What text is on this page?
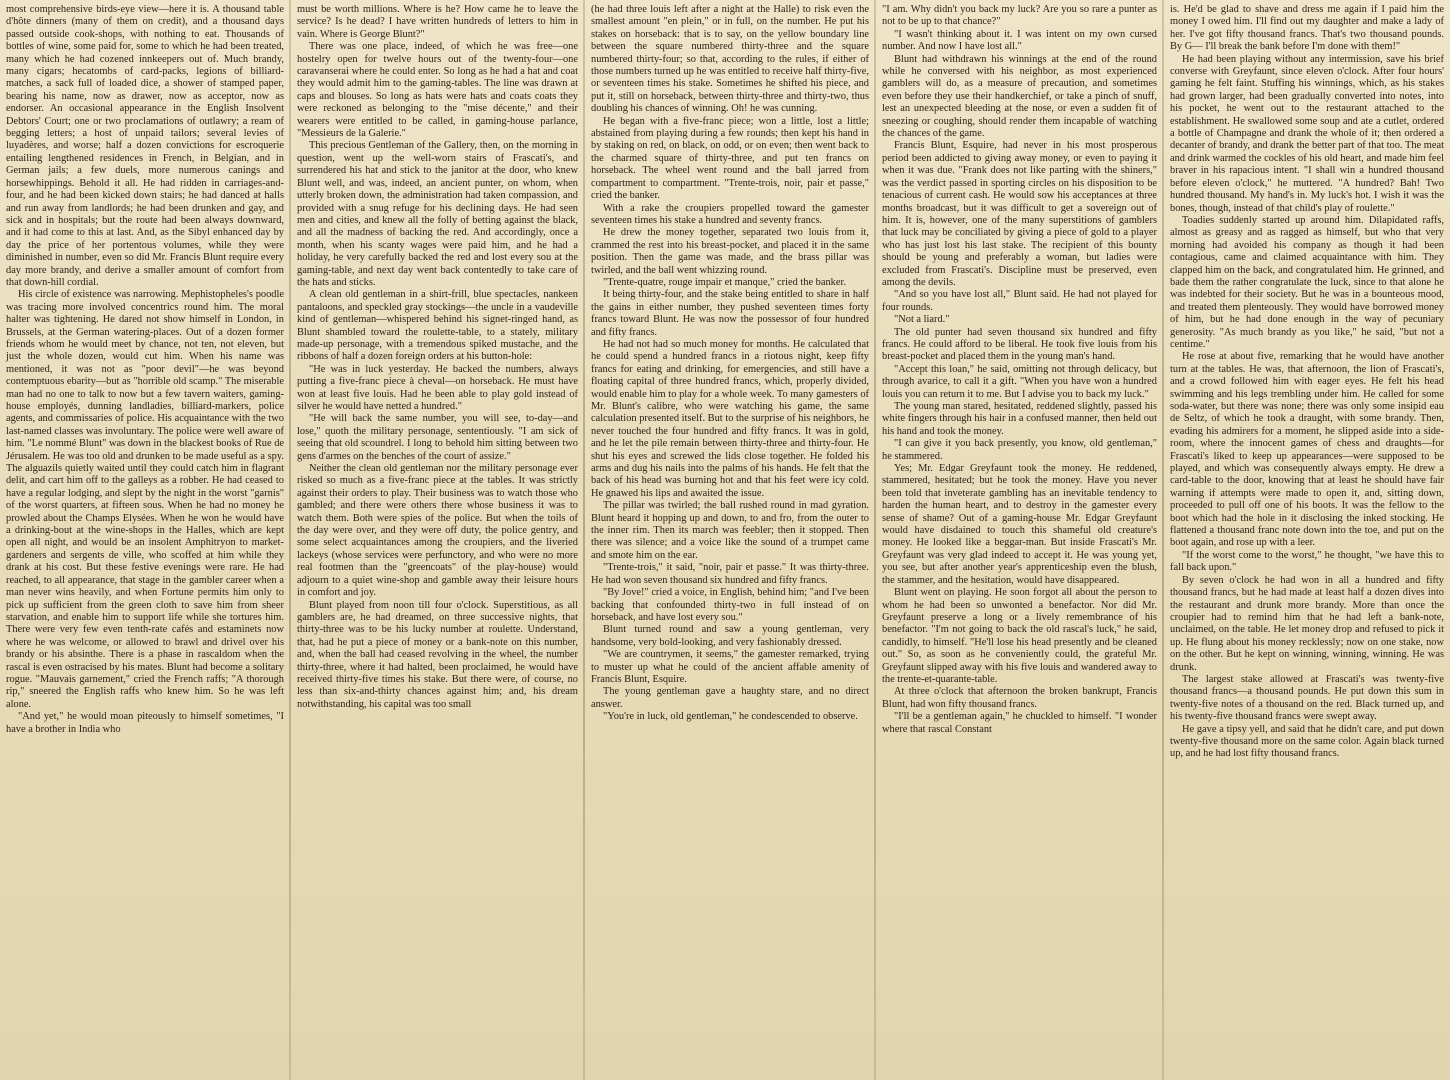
most comprehensive birds-eye view—here it is. A thousand table d'hôte dinners (many of them on credit), and a thousand days passed outside cook-shops, with nothing to eat. Thousands of bottles of wine, some paid for, some to which he had been treated, many which he had cozened innkeepers out of. Much brandy, many cigars; hecatombs of card-packs, legions of billiard-matches, a sack full of loaded dice, a shower of stamped paper, bearing his name, now as drawer, now as acceptor, now as endorser. An occasional appearance in the English Insolvent Debtors' Court; one or two proclamations of outlawry; a ream of begging letters; a host of unpaid tailors; several levies of luyadères, and worse; half a dozen convictions for escroquerie entailing lengthened residences in French, in Belgian, and in German jails; a few duels, more numerous canings and horsewhippings. Behold it all. He had ridden in carriages-and-four, and he had been kicked down stairs; he had danced at halls and run away from landlords; he had been drunken and gay, and sick and in hospitals; but the route had been always downward, and it had come to this at last. And, as the Sibyl enhanced day by day the price of her portentous volumes, while they were diminished in number, even so did Mr. Francis Blunt require every day more brandy, and derive a smaller amount of comfort from that down-hill cordial.

His circle of existence was narrowing. Mephistopheles's poodle was tracing more involved concentrics round him. The moral halter was tightening. He dared not show himself in London, in Brussels, at the German watering-places. Out of a dozen former friends whom he would meet by chance, not ten, not eleven, but just the whole dozen, would cut him. When his name was mentioned, it was not as "poor devil"—he was beyond contemptuous ebarity—but as "horrible old scamp." The miserable man had no one to talk to now but a few tavern waiters, gaming-house employés, dunning landladies, billiard-markers, police agents, and commissaries of police. His acquaintance with the two last-named classes was involuntary. The police were well aware of him. "Le nommé Blunt" was down in the blackest books of Rue de Jérusalem. He was too old and drunken to be made useful as a spy. The alguazils quietly waited until they could catch him in flagrant delit, and cart him off to the galleys as a robber. He had ceased to have a regular lodging, and slept by the night in the worst "garnis" of the worst quarters, at fifteen sous. When he had no money he prowled about the Champs Elysées. When he won he would have a drinking-bout at the wine-shops in the Halles, which are kept open all night, and would be an insolent Amphitryon to market-gardeners and sergents de ville, who scoffed at him while they drank at his cost. But these festive evenings were rare. He had reached, to all appearance, that stage in the gambler career when a man never wins heavily, and when Fortune permits him only to pick up sufficient from the green cloth to save him from sheer starvation, and enable him to support life while she tortures him. There were very few even tenth-rate cafés and estaminets now where he was welcome, or allowed to brawl and drivel over his brandy or his absinthe. There is a phase in rascaldom when the rascal is even ostracised by his mates. Blunt had become a solitary rogue. "Mauvais garnement," cried the French raffs; "A thorough rip," sneered the English raffs who knew him. So he was left alone.

"And yet," he would moan piteously to himself sometimes, "I have a brother in India who

must be worth millions. Where is he? How came he to leave the service? Is he dead? I have written hundreds of letters to him in vain. Where is George Blunt?"

There was one place, indeed, of which he was free—one hostelry open for twelve hours out of the twenty-four—one caravanserai where he could enter. So long as he had a hat and coat they would admit him to the gaming-tables. The line was drawn at caps and blouses. So long as hats were hats and coats coats they were reckoned as belonging to the "mise décente," and their wearers were entitled to be called, in gaming-house parlance, "Messieurs de la Galerie."

This precious Gentleman of the Gallery, then, on the morning in question, went up the well-worn stairs of Frascati's, and surrendered his hat and stick to the janitor at the door, who knew Blunt well, and was, indeed, an ancient punter, on whom, when utterly broken down, the administration had taken compassion, and provided with a snug refuge for his declining days. He had seen men and cities, and knew all the folly of betting against the black, and all the madness of backing the red. And accordingly, once a month, when his scanty wages were paid him, and he had a holiday, he very carefully backed the red and lost every sou at the gaming-table, and next day went back contentedly to take care of the hats and sticks.

A clean old gentleman in a shirt-frill, blue spectacles, nankeen pantaloons, and speckled gray stockings—the uncle in a vaudeville kind of gentleman—whispered behind his signet-ringed hand, as Blunt shambled toward the roulette-table, to a stately, military made-up personage, with a tremendous spiked mustache, and the ribbons of half a dozen foreign orders at his button-hole:

"He was in luck yesterday. He backed the numbers, always putting a five-franc piece à cheval—on horseback. He must have won at least five louis. Had he been able to play gold instead of silver he would have netted a hundred."

"He will back the same number, you will see, to-day—and lose," quoth the military personage, sententiously. "I am sick of seeing that old scoundrel. I long to behold him sitting between two gens d'armes on the benches of the court of assize."

Neither the clean old gentleman nor the military personage ever risked so much as a five-franc piece at the tables. It was strictly against their orders to play. Their business was to watch those who gambled; and there were others there whose business it was to watch them. Both were spies of the police. But when the toils of the day were over, and they were off duty, the police gentry, and some select acquaintances among the croupiers, and the liveried lackeys (whose services were perfunctory, and who were no more real footmen than the "greencoats" of the play-house) would adjourn to a quiet wine-shop and gamble away their leisure hours in comfort and joy.

Blunt played from noon till four o'clock. Superstitious, as all gamblers are, he had dreamed, on three successive nights, that thirty-three was to be his lucky number at roulette. Understand, that, had he put a piece of money or a bank-note on this number, and, when the ball had ceased revolving in the wheel, the number thirty-three, where it had halted, been proclaimed, he would have received thirty-five times his stake. But there were, of course, no less than six-and-thirty chances against him; and, his dream notwithstanding, his capital was too small

(he had three louis left after a night at the Halle) to risk even the smallest amount "en plein," or in full, on the number. He put his stakes on horseback: that is to say, on the yellow boundary line between the square numbered thirty-three and the square numbered thirty-four; so that, according to the rules, if either of those numbers turned up he was entitled to receive half thirty-five, or seventeen times his stake. Sometimes he shifted his piece, and put it, still on horseback, between thirty-three and thirty-two, thus doubling his chances of winning. Oh! he was cunning.

He began with a five-franc piece; won a little, lost a little; abstained from playing during a few rounds; then kept his hand in by staking on red, on black, on odd, or on even; then went back to the charmed square of thirty-three, and put ten francs on horseback. The wheel went round and the ball jarred from compartment to compartment. "Trente-trois, noir, pair et passe," cried the banker.

With a rake the croupiers propelled toward the gamester seventeen times his stake a hundred and seventy francs.

He drew the money together, separated two louis from it, crammed the rest into his breast-pocket, and placed it in the same position. Then the game was made, and the brass pillar was twirled, and the ball went whizzing round.

"Trente-quatre, rouge impair et manque," cried the banker.

It being thirty-four, and the stake being entitled to share in half the gains in either number, they pushed seventeen times forty francs toward Blunt. He was now the possessor of four hundred and fifty francs.

He had not had so much money for months. He calculated that he could spend a hundred francs in a riotous night, keep fifty francs for eating and drinking, for emergencies, and still have a floating capital of three hundred francs, which, properly divided, would enable him to play for a whole week. To many gamesters of Mr. Blunt's calibre, who were watching his game, the same calculation presented itself. But to the surprise of his neighbors, he never touched the four hundred and fifty francs. It was in gold, and he let the pile remain between thirty-three and thirty-four. He shut his eyes and screwed the lids close together. He folded his arms and dug his nails into the palms of his hands. He felt that the back of his head was burning hot and that his feet were icy cold. He gnawed his lips and awaited the issue.

The pillar was twirled; the ball rushed round in mad gyration. Blunt heard it hopping up and down, to and fro, from the outer to the inner rim. Then its march was feebler; then it stopped. Then there was silence; and a voice like the sound of a trumpet came and smote him on the ear.

"Trente-trois," it said, "noir, pair et passe." It was thirty-three. He had won seven thousand six hundred and fifty francs.

"By Jove!" cried a voice, in English, behind him; "and I've been backing that confounded thirty-two in full instead of on horseback, and have lost every sou."

Blunt turned round and saw a young gentleman, very handsome, very bold-looking, and very fashionably dressed.

"We are countrymen, it seems," the gamester remarked, trying to muster up what he could of the ancient affable amenity of Francis Blunt, Esquire.

The young gentleman gave a haughty stare, and no direct answer.

"You're in luck, old gentleman," he condescended to observe.

"I am. Why didn't you back my luck? Are you so rare a punter as not to be up to that chance?"

"I wasn't thinking about it. I was intent on my own cursed number. And now I have lost all."

Blunt had withdrawn his winnings at the end of the round while he conversed with his neighbor, as most experienced gamblers will do, as a measure of precaution, and sometimes even before they use their handkerchief, or take a pinch of snuff, lest an unexpected bleeding at the nose, or even a sudden fit of sneezing or coughing, should render them incapable of watching the chances of the game.

Francis Blunt, Esquire, had never in his most prosperous period been addicted to giving away money, or even to paying it when it was due. "Frank does not like parting with the shiners," was the verdict passed in sporting circles on his disposition to be tenacious of current cash. He would sow his acceptances at three months broadcast, but it was difficult to get a sovereign out of him. It is, however, one of the many superstitions of gamblers that luck may be conciliated by giving a piece of gold to a player who has just lost his last stake. The recipient of this bounty should be young and preferably a woman, but ladies were excluded from Frascati's. Discipline must be preserved, even among the devils.

"And so you have lost all," Blunt said. He had not played for four rounds.

"Not a liard."

The old punter had seven thousand six hundred and fifty francs. He could afford to be liberal. He took five louis from his breast-pocket and placed them in the young man's hand.

"Accept this loan," he said, omitting not through delicacy, but through avarice, to call it a gift. "When you have won a hundred louis you can return it to me. But I advise you to back my luck."

The young man stared, hesitated, reddened slightly, passed his white fingers through his hair in a confused manner, then held out his hand and took the money.

"I can give it you back presently, you know, old gentleman," he stammered.

Yes; Mr. Edgar Greyfaunt took the money. He reddened, stammered, hesitated; but he took the money. Have you never been told that inveterate gambling has an inevitable tendency to harden the human heart, and to destroy in the gamester every sense of shame? Out of a gaming-house Mr. Edgar Greyfaunt would have disdained to touch this shameful old creature's money. He looked like a beggar-man. But inside Frascati's Mr. Greyfaunt was very glad indeed to accept it. He was young yet, you see, but after another year's apprenticeship even the blush, the stammer, and the hesitation, would have disappeared.

Blunt went on playing. He soon forgot all about the person to whom he had been so unwonted a benefactor. Nor did Mr. Greyfaunt preserve a long or a lively remembrance of his benefactor. "I'm not going to back the old rascal's luck," he said, candidly, to himself. "He'll lose his head presently and be cleaned out." So, as soon as he conveniently could, the grateful Mr. Greyfaunt slipped away with his five louis and wandered away to the trente-et-quarante-table.

At three o'clock that afternoon the broken bankrupt, Francis Blunt, had won fifty thousand francs.

"I'll be a gentleman again," he chuckled to himself. "I wonder where that rascal Constant

is. He'd be glad to shave and dress me again if I paid him the money I owed him. I'll find out my daughter and make a lady of her. I've got fifty thousand francs. That's two thousand pounds. By G— I'll break the bank before I'm done with them!"

He had been playing without any intermission, save his brief converse with Greyfaunt, since eleven o'clock. After four hours' gaming he felt faint. Stuffing his winnings, which, as his stakes had grown larger, had been gradually converted into notes, into his pocket, he went out to the restaurant attached to the establishment. He swallowed some soup and ate a cutlet, ordered a bottle of Champagne and drank the whole of it; then ordered a decanter of brandy, and drank the better part of that too. The meat and drink warmed the cockles of his old heart, and made him feel braver in his rapacious intent. "I shall win a hundred thousand before eleven o'clock," he muttered. "A hundred? Bah! Two hundred thousand. My hand's in. My luck's hot. I wish it was the bones, though, instead of that child's play of roulette."

Toadies suddenly started up around him. Dilapidated raffs, almost as greasy and as ragged as himself, but who that very morning had avoided his company as though it had been contagious, came and claimed acquaintance with him. They clapped him on the back, and congratulated him. He grinned, and bade them the rather congratulate the luck, since to that alone he was indebted for their society. But he was in a bounteous mood, and treated them plenteously. They would have borrowed money of him, but he had done enough in the way of pecuniary generosity. "As much brandy as you like," he said, "but not a centime."

He rose at about five, remarking that he would have another turn at the tables. He was, that afternoon, the lion of Frascati's, and a crowd followed him with eager eyes. He felt his head swimming and his legs trembling under him. He called for some soda-water, but there was none; there was only some insipid eau de Seltz, of which he took a draught, with some brandy. Then, evading his admirers for a moment, he slipped aside into a side-room, where the innocent games of chess and draughts—for Frascati's liked to keep up appearances—were supposed to be played, and which was consequently always empty. He drew a card-table to the door, knowing that at least he should have fair warning if attempts were made to open it, and, sitting down, proceeded to pull off one of his boots. It was the fellow to the boot which had the hole in it disclosing the inked stocking. He flattened a thousand franc note down into the toe, and put on the boot again, and rose up with a leer.

"If the worst come to the worst," he thought, "we have this to fall back upon."

By seven o'clock he had won in all a hundred and fifty thousand francs, but he had made at least half a dozen dives into the restaurant and drunk more brandy. More than once the croupier had to remind him that he had left a bank-note, unclaimed, on the table. He let money drop and refused to pick it up. He flung about his money recklessly; now on one stake, now on the other. But he kept on winning, winning, winning. He was drunk.

The largest stake allowed at Frascati's was twenty-five thousand francs—a thousand pounds. He put down this sum in twenty-five notes of a thousand on the red. Black turned up, and his twenty-five thousand francs were swept away.

He gave a tipsy yell, and said that he didn't care, and put down twenty-five thousand more on the same color. Again black turned up, and he had lost fifty thousand francs.
